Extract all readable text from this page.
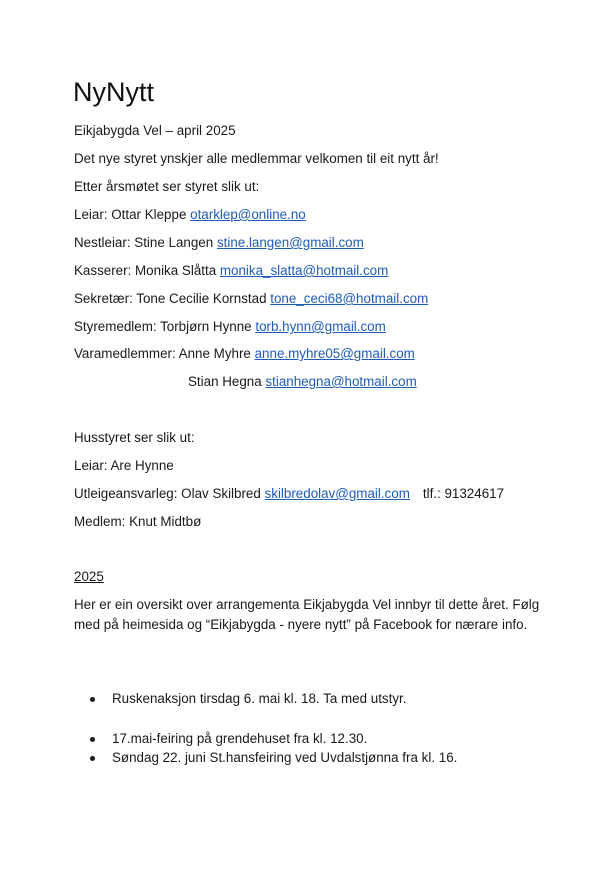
NyNytt

Eikjabygda Vel – april 2025

Det nye styret ynskjer alle medlemmar velkomen til eit nytt år!

Etter årsmøtet ser styret slik ut:

Leiar: Ottar Kleppe otarklep@online.no

Nestleiar: Stine Langen stine.langen@gmail.com

Kasserer: Monika Slåtta monika_slatta@hotmail.com

Sekretær: Tone Cecilie Kornstad tone_ceci68@hotmail.com

Styremedlem: Torbjørn Hynne torb.hynn@gmail.com

Varamedlemmer: Anne Myhre anne.myhre05@gmail.com

Stian Hegna stianhegna@hotmail.com

Husstyret ser slik ut:

Leiar: Are Hynne

Utleigeansvarleg: Olav Skilbred skilbredolav@gmail.com tlf.: 91324617

Medlem: Knut Midtbø

2025

Her er ein oversikt over arrangementa Eikjabygda Vel innbyr til dette året. Følg med på heimesida og “Eikjabygda - nyere nytt” på Facebook for nærare info.

Ruskenaksjon tirsdag 6. mai kl. 18. Ta med utstyr.
17.mai-feiring på grendehuset fra kl. 12.30.
Søndag 22. juni St.hansfeiring ved Uvdalstjønna fra kl. 16.
